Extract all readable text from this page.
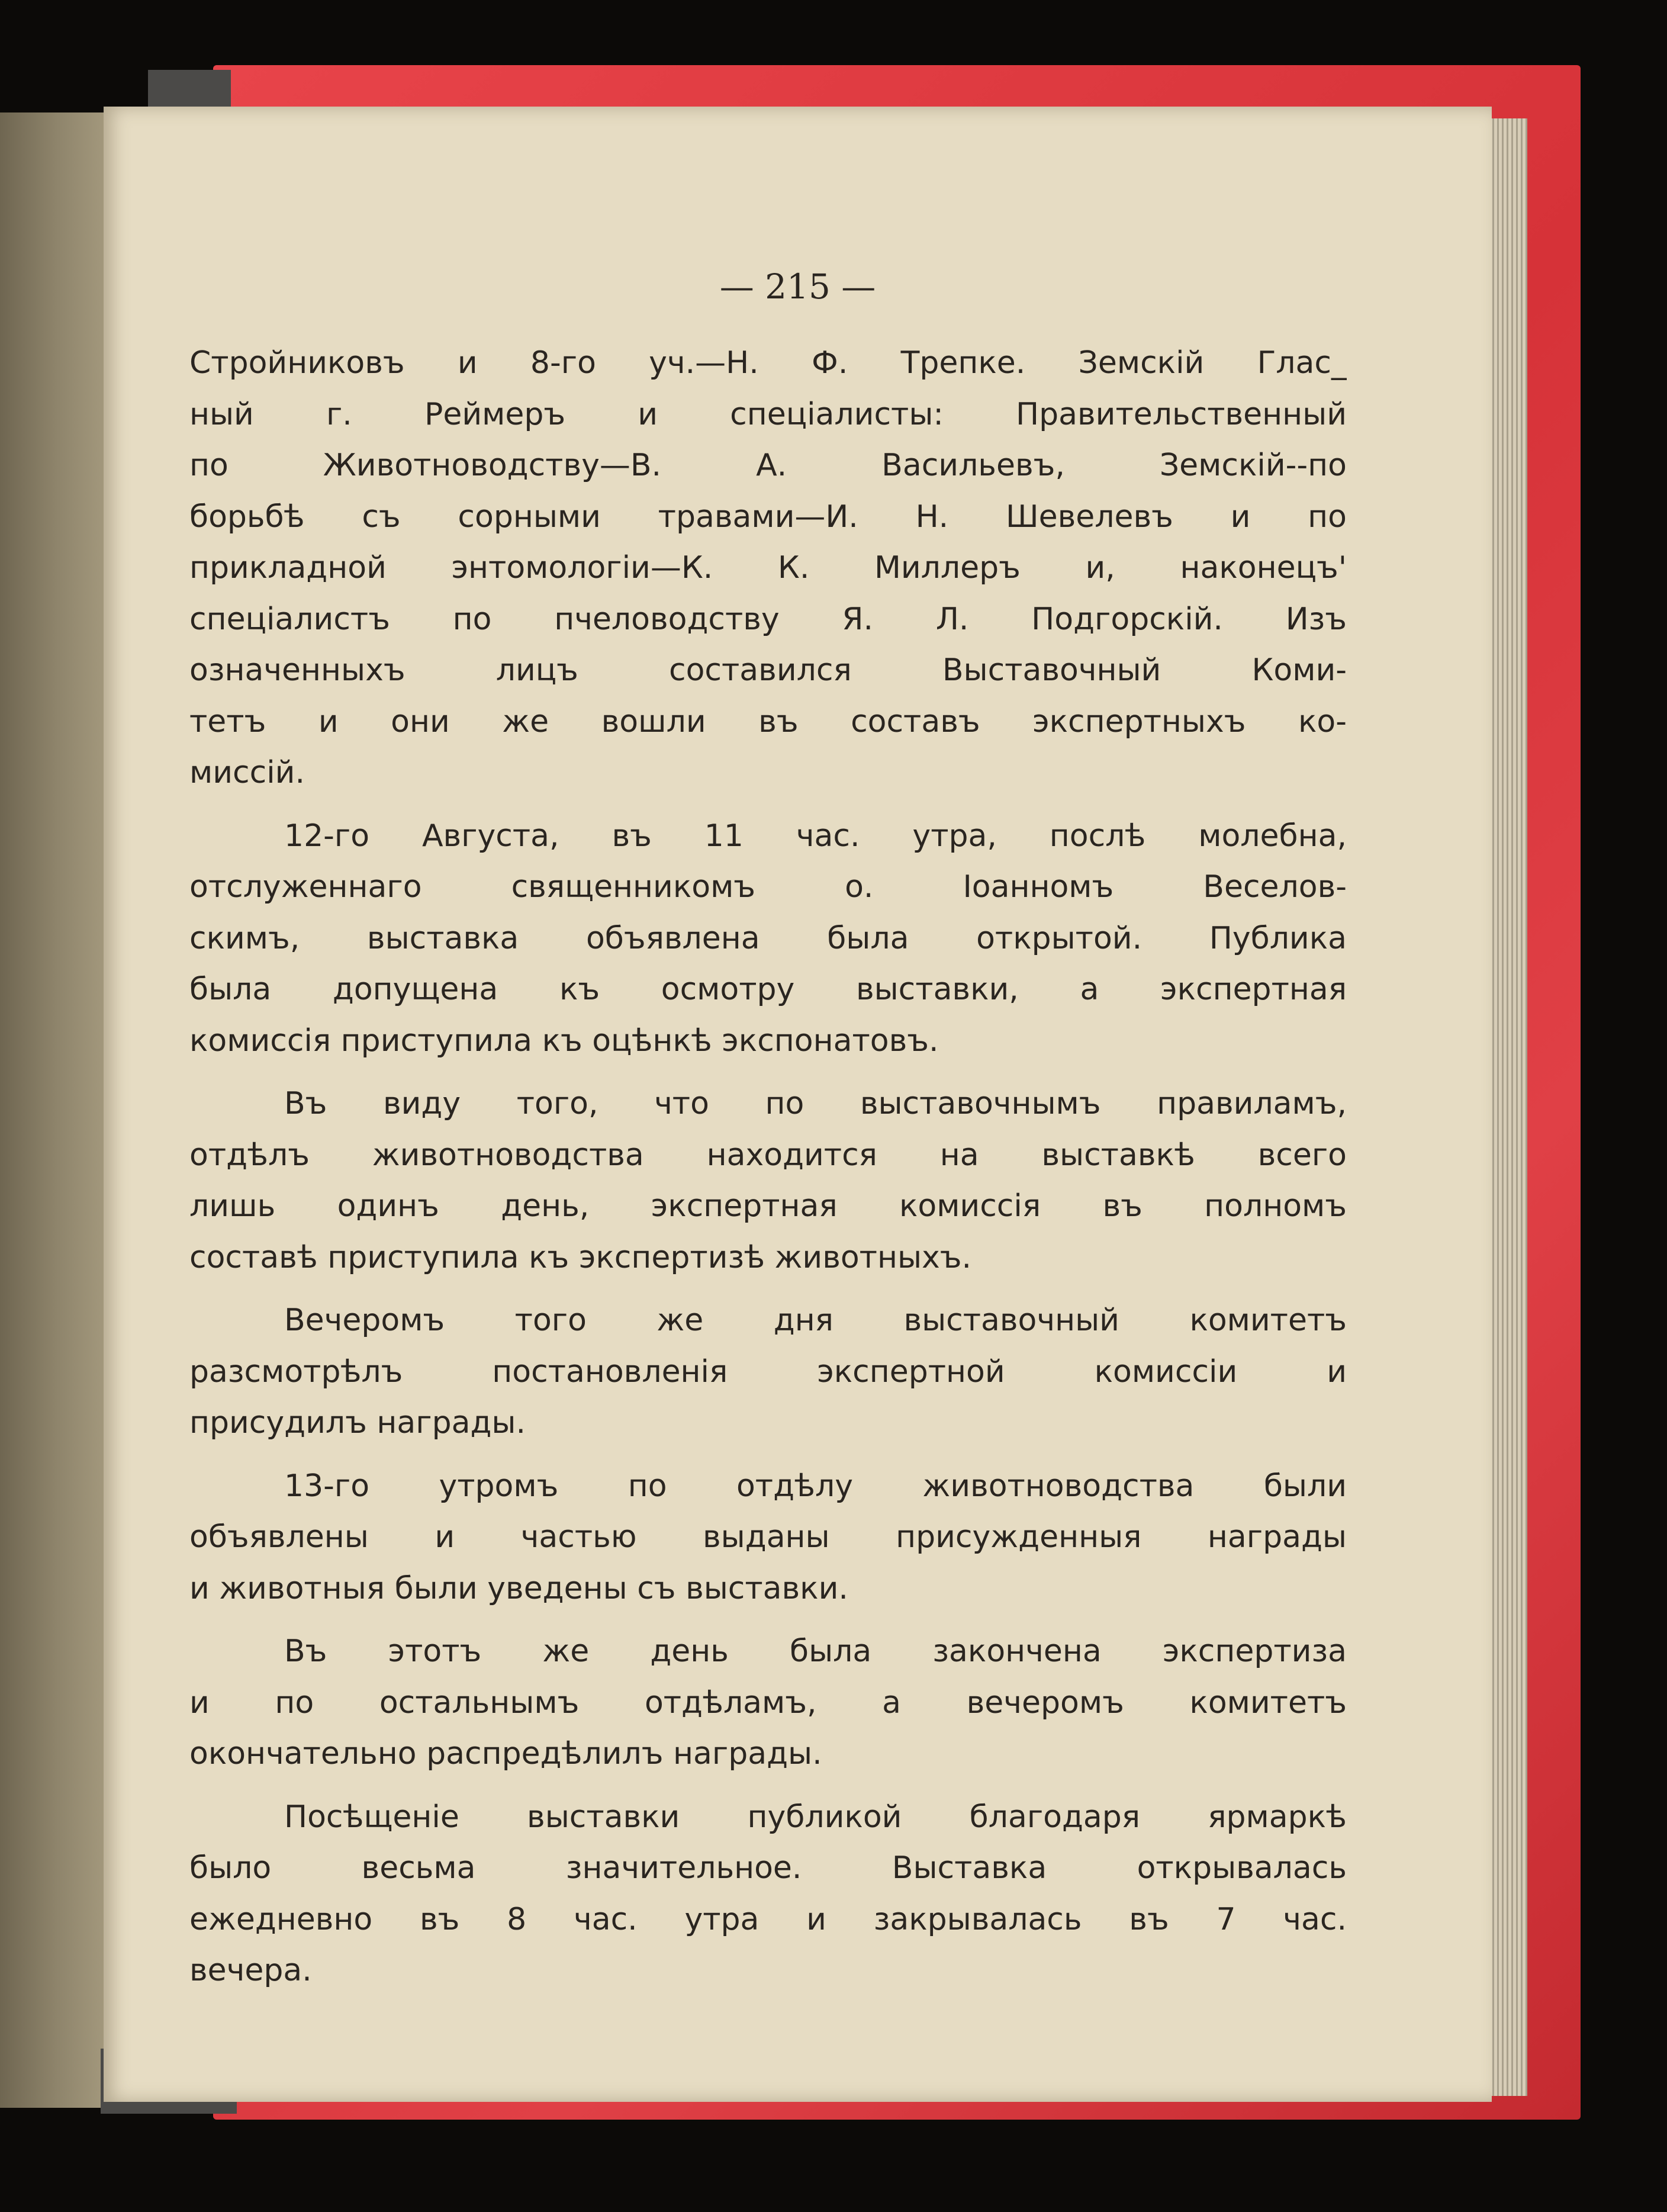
— 215 —
Стройниковъ и 8-го уч.—Н. Ф. Трепке. Земскій Глас_
ный г. Реймеръ и спеціалисты: Правительственный
по Животноводству—В. А. Васильевъ, Земскій--по
борьбѣ съ сорными травами—И. Н. Шевелевъ и по
прикладной энтомологіи—К. К. Миллеръ и, наконецъ'
спеціалистъ по пчеловодству Я. Л. Подгорскій. Изъ
означенныхъ лицъ составился Выставочный Коми-
тетъ и они же вошли въ составъ экспертныхъ ко-
миссій.
12-го Августа, въ 11 час. утра, послѣ молебна,
отслуженнаго священникомъ о. Іоанномъ Веселов-
скимъ, выставка объявлена была открытой. Публика
была допущена къ осмотру выставки, а экспертная
комиссія приступила къ оцѣнкѣ экспонатовъ.
Въ виду того, что по выставочнымъ правиламъ,
отдѣлъ животноводства находится на выставкѣ всего
лишь одинъ день, экспертная комиссія въ полномъ
составѣ приступила къ экспертизѣ животныхъ.
Вечеромъ того же дня выставочный комитетъ
разсмотрѣлъ постановленія экспертной комиссіи и
присудилъ награды.
13-го утромъ по отдѣлу животноводства были
объявлены и частью выданы присужденныя награды
и животныя были уведены съ выставки.
Въ этотъ же день была закончена экспертиза
и по остальнымъ отдѣламъ, а вечеромъ комитетъ
окончательно распредѣлилъ награды.
Посѣщеніе выставки публикой благодаря ярмаркѣ
было весьма значительное. Выставка открывалась
ежедневно въ 8 час. утра и закрывалась въ 7 час.
вечера.
